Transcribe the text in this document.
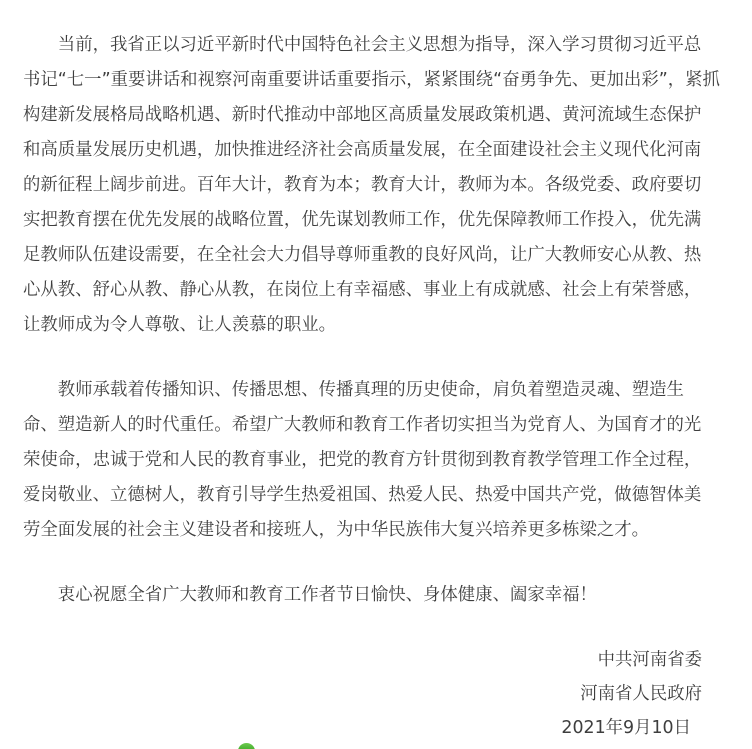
当前，我省正以习近平新时代中国特色社会主义思想为指导，深入学习贯彻习近平总
书记“七一”重要讲话和视察河南重要讲话重要指示，紧紧围绕“奋勇争先、更加出彩”，紧抓
构建新发展格局战略机遇、新时代推动中部地区高质量发展政策机遇、黄河流域生态保护
和高质量发展历史机遇，加快推进经济社会高质量发展，在全面建设社会主义现代化河南
的新征程上阔步前进。百年大计，教育为本；教育大计，教师为本。各级党委、政府要切
实把教育摆在优先发展的战略位置，优先谋划教师工作，优先保障教师工作投入，优先满
足教师队伍建设需要，在全社会大力倡导尊师重教的良好风尚，让广大教师安心从教、热
心从教、舒心从教、静心从教，在岗位上有幸福感、事业上有成就感、社会上有荣誉感，
让教师成为令人尊敬、让人羡慕的职业。
教师承载着传播知识、传播思想、传播真理的历史使命，肩负着塑造灵魂、塑造生
命、塑造新人的时代重任。希望广大教师和教育工作者切实担当为党育人、为国育才的光
荣使命，忠诚于党和人民的教育事业，把党的教育方针贯彻到教育教学管理工作全过程，
爱岗敬业、立德树人，教育引导学生热爱祖国、热爱人民、热爱中国共产党，做德智体美
劳全面发展的社会主义建设者和接班人，为中华民族伟大复兴培养更多栋梁之才。
衷心祝愿全省广大教师和教育工作者节日愉快、身体健康、阖家幸福！
中共河南省委
河南省人民政府
2021年9月10日
